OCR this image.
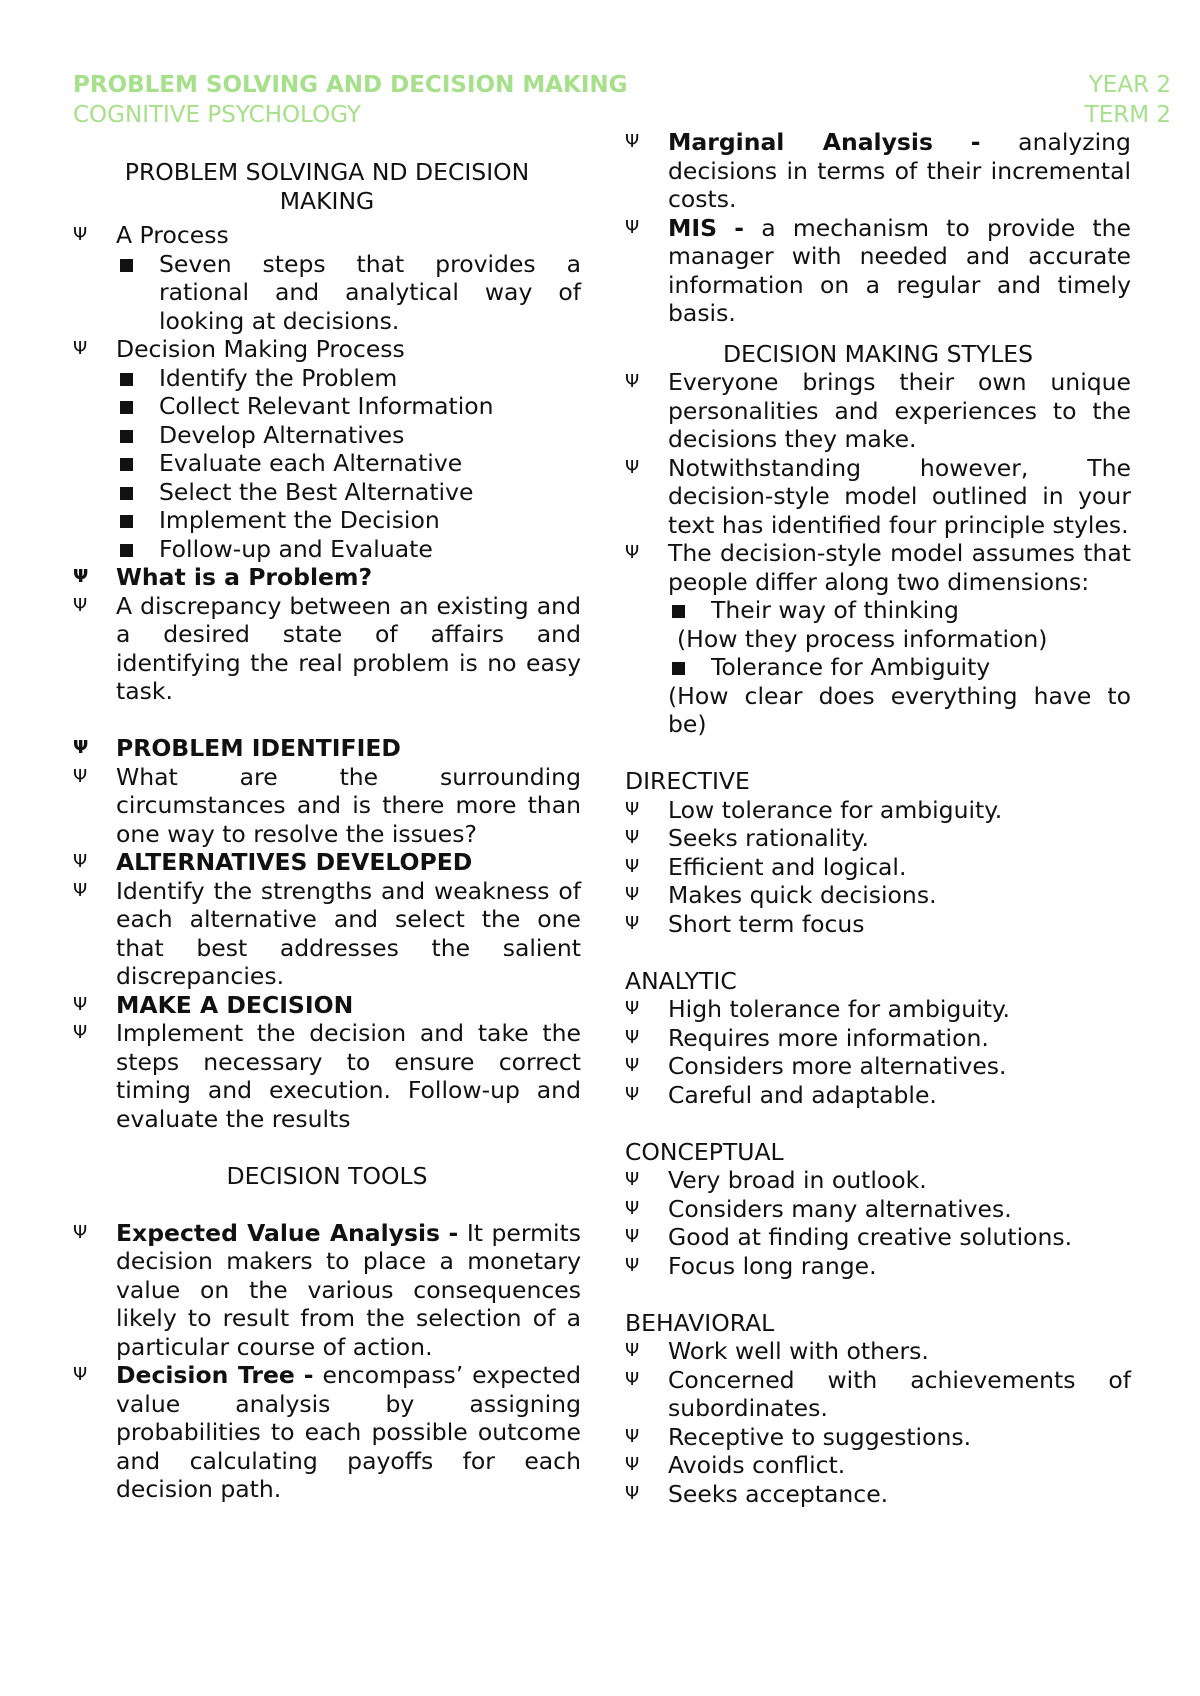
PROBLEM SOLVING AND DECISION MAKING	YEAR 2
COGNITIVE PSYCHOLOGY	TERM 2
PROBLEM SOLVINGA ND DECISION
MAKING
Ψ	A Process
Seven steps that provides a rational and analytical way of looking at decisions.
Ψ	Decision Making Process
Identify the Problem
Collect Relevant Information
Develop Alternatives
Evaluate each Alternative
Select the Best Alternative
Implement the Decision
Follow-up and Evaluate
Ψ	What is a Problem?
Ψ	A discrepancy between an existing and a desired state of affairs and identifying the real problem is no easy task.
Ψ	PROBLEM IDENTIFIED
Ψ	What are the surrounding circumstances and is there more than one way to resolve the issues?
Ψ	ALTERNATIVES DEVELOPED
Ψ	Identify the strengths and weakness of each alternative and select the one that best addresses the salient discrepancies.
Ψ	MAKE A DECISION
Ψ	Implement the decision and take the steps necessary to ensure correct timing and execution. Follow-up and evaluate the results
DECISION TOOLS
Ψ	Expected Value Analysis - It permits decision makers to place a monetary value on the various consequences likely to result from the selection of a particular course of action.
Ψ	Decision Tree - encompass’ expected value analysis by assigning probabilities to each possible outcome and calculating payoffs for each decision path.
Ψ	Marginal Analysis - analyzing decisions in terms of their incremental costs.
Ψ	MIS - a mechanism to provide the manager with needed and accurate information on a regular and timely basis.
DECISION MAKING STYLES
Ψ	Everyone brings their own unique personalities and experiences to the decisions they make.
Ψ	Notwithstanding however, The decision-style model outlined in your text has identified four principle styles.
Ψ	The decision-style model assumes that people differ along two dimensions:
Their way of thinking
(How they process information)
Tolerance for Ambiguity
(How clear does everything have to be)
DIRECTIVE
Ψ	Low tolerance for ambiguity.
Ψ	Seeks rationality.
Ψ	Efficient and logical.
Ψ	Makes quick decisions.
Ψ	Short term focus
ANALYTIC
Ψ	High tolerance for ambiguity.
Ψ	Requires more information.
Ψ	Considers more alternatives.
Ψ	Careful and adaptable.
CONCEPTUAL
Ψ	Very broad in outlook.
Ψ	Considers many alternatives.
Ψ	Good at finding creative solutions.
Ψ	Focus long range.
BEHAVIORAL
Ψ	Work well with others.
Ψ	Concerned with achievements of subordinates.
Ψ	Receptive to suggestions.
Ψ	Avoids conflict.
Ψ	Seeks acceptance.
